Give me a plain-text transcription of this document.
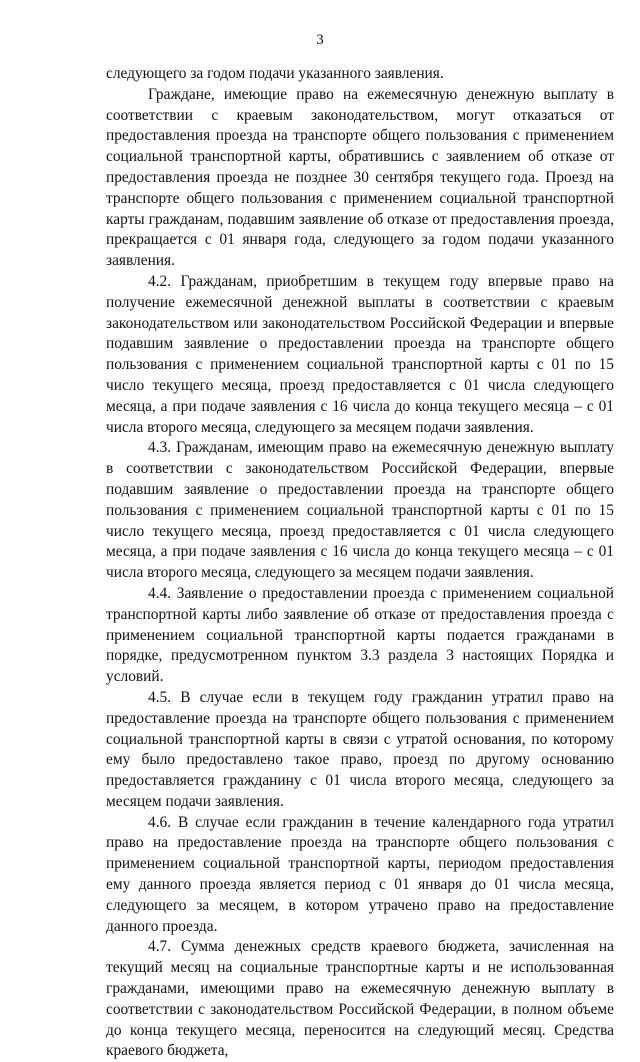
3

следующего за годом подачи указанного заявления.

Граждане, имеющие право на ежемесячную денежную выплату в соответствии с краевым законодательством, могут отказаться от предоставления проезда на транспорте общего пользования с применением социальной транспортной карты, обратившись с заявлением об отказе от предоставления проезда не позднее 30 сентября текущего года. Проезд на транспорте общего пользования с применением социальной транспортной карты гражданам, подавшим заявление об отказе от предоставления проезда, прекращается с 01 января года, следующего за годом подачи указанного заявления.

4.2. Гражданам, приобретшим в текущем году впервые право на получение ежемесячной денежной выплаты в соответствии с краевым законодательством или законодательством Российской Федерации и впервые подавшим заявление о предоставлении проезда на транспорте общего пользования с применением социальной транспортной карты с 01 по 15 число текущего месяца, проезд предоставляется с 01 числа следующего месяца, а при подаче заявления с 16 числа до конца текущего месяца – с 01 числа второго месяца, следующего за месяцем подачи заявления.

4.3. Гражданам, имеющим право на ежемесячную денежную выплату в соответствии с законодательством Российской Федерации, впервые подавшим заявление о предоставлении проезда на транспорте общего пользования с применением социальной транспортной карты с 01 по 15 число текущего месяца, проезд предоставляется с 01 числа следующего месяца, а при подаче заявления с 16 числа до конца текущего месяца – с 01 числа второго месяца, следующего за месяцем подачи заявления.

4.4. Заявление о предоставлении проезда с применением социальной транспортной карты либо заявление об отказе от предоставления проезда с применением социальной транспортной карты подается гражданами в порядке, предусмотренном пунктом 3.3 раздела 3 настоящих Порядка и условий.

4.5. В случае если в текущем году гражданин утратил право на предоставление проезда на транспорте общего пользования с применением социальной транспортной карты в связи с утратой основания, по которому ему было предоставлено такое право, проезд по другому основанию предоставляется гражданину с 01 числа второго месяца, следующего за месяцем подачи заявления.

4.6. В случае если гражданин в течение календарного года утратил право на предоставление проезда на транспорте общего пользования с применением социальной транспортной карты, периодом предоставления ему данного проезда является период с 01 января до 01 числа месяца, следующего за месяцем, в котором утрачено право на предоставление данного проезда.

4.7. Сумма денежных средств краевого бюджета, зачисленная на текущий месяц на социальные транспортные карты и не использованная гражданами, имеющими право на ежемесячную денежную выплату в соответствии с законодательством Российской Федерации, в полном объеме до конца текущего месяца, переносится на следующий месяц. Средства краевого бюджета,
